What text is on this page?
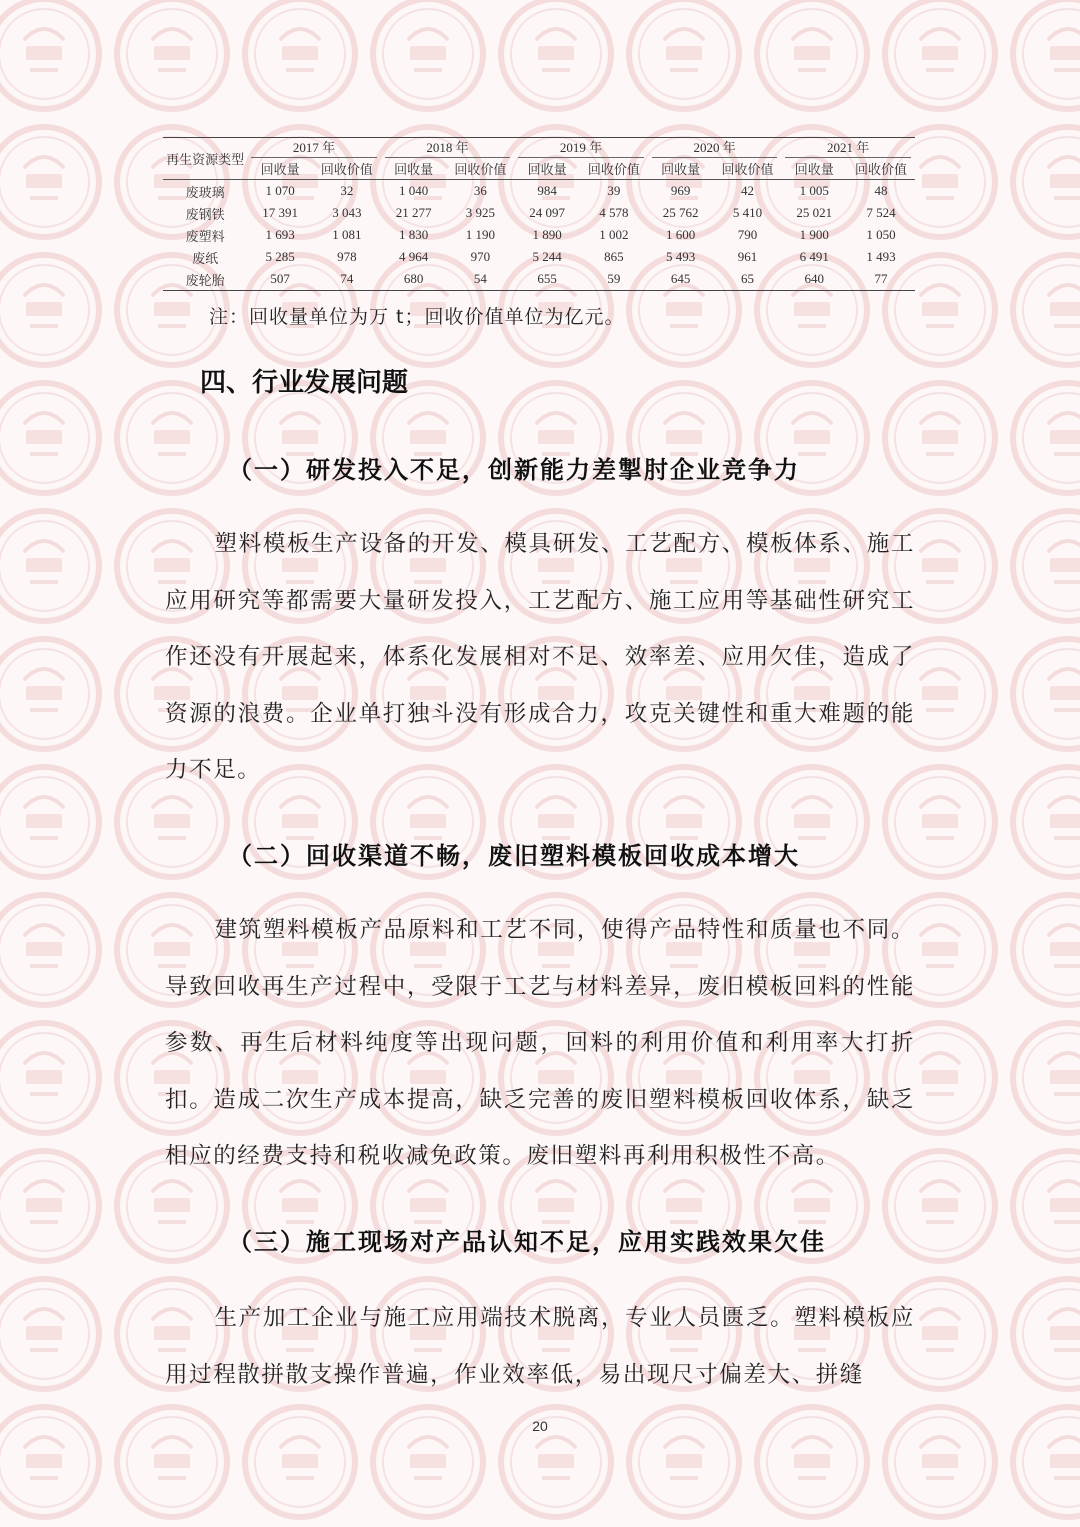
再生资源类型	2017 年		2018 年		2019 年		2020 年		2021 年	

	回收量	回收价值	回收量	回收价值	回收量	回收价值	回收量	回收价值	回收量	回收价值
废玻璃	1 070	32	1 040	36	984	39	969	42	1 005	48
废钢铁	17 391	3 043	21 277	3 925	24 097	4 578	25 762	5 410	25 021	7 524
废塑料	1 693	1 081	1 830	1 190	1 890	1 002	1 600	790	1 900	1 050
废纸	5 285	978	4 964	970	5 244	865	5 493	961	6 491	1 493
废轮胎	507	74	680	54	655	59	645	65	640	77
注：回收量单位为万 t；回收价值单位为亿元。
四、行业发展问题
（一）研发投入不足，创新能力差掣肘企业竞争力

塑料模板生产设备的开发、模具研发、工艺配方、模板体系、施工应用研究等都需要大量研发投入，工艺配方、施工应用等基础性研究工作还没有开展起来，体系化发展相对不足、效率差、应用欠佳，造成了资源的浪费。企业单打独斗没有形成合力，攻克关键性和重大难题的能力不足。

（二）回收渠道不畅，废旧塑料模板回收成本增大

建筑塑料模板产品原料和工艺不同，使得产品特性和质量也不同。导致回收再生产过程中，受限于工艺与材料差异，废旧模板回料的性能参数、再生后材料纯度等出现问题，回料的利用价值和利用率大打折扣。造成二次生产成本提高，缺乏完善的废旧塑料模板回收体系，缺乏相应的经费支持和税收减免政策。废旧塑料再利用积极性不高。

（三）施工现场对产品认知不足，应用实践效果欠佳

生产加工企业与施工应用端技术脱离，专业人员匮乏。塑料模板应用过程散拼散支操作普遍，作业效率低，易出现尺寸偏差大、拼缝

20
